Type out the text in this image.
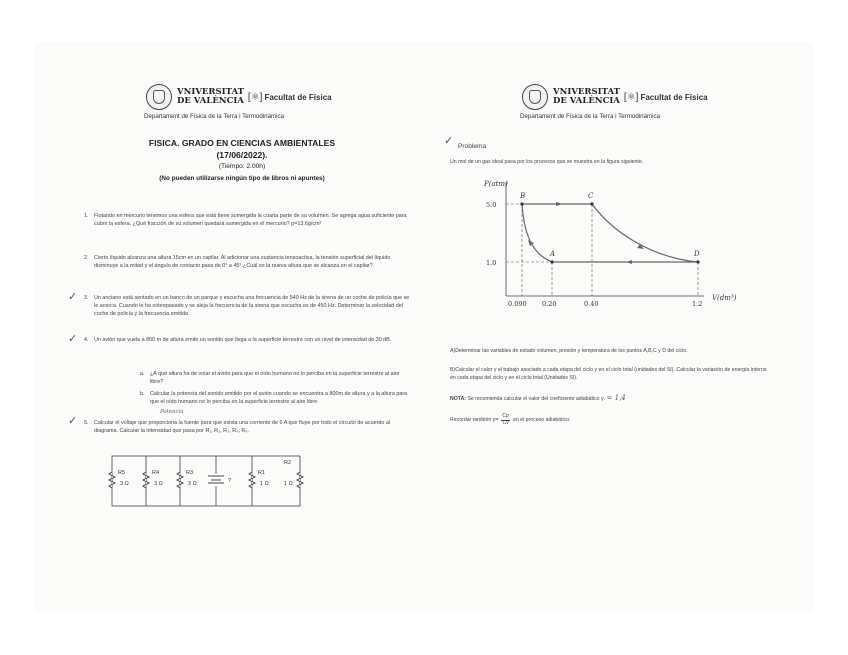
VNIVERSITAT
DE VALÈNCIA [⚛] Facultat de Física
Departament de Física de la Terra i Termodinàmica
FISICA. GRADO EN CIENCIAS AMBIENTALES
(17/06/2022).
(Tiempo: 2.00h)
(No pueden utilizarse ningún tipo de libros ni apuntes)
1. Flotando en mercurio tenemos una esfera que está tiene sumergida la cuarta parte de su volumen. Se agrega agua suficiente para cubrir la esfera. ¿Qué fracción de su volumen quedará sumergida en el mercurio? ρ=13.6g/cm³
2. Cierto líquido alcanza una altura 15cm en un capilar. Al adicionar una sustancia tensoactiva, la tensión superficial del líquido disminuye a la mitad y el ángulo de contacto pasa de 0° a 45°.¿Cuál es la nueva altura que se alcanza en el capilar?.
✓ 3. Un anciano está sentado en un banco de un parque y escucha una frecuencia de 540 Hz de la sirena de un coche de policía que se le acerca. Cuando le ha sobrepasado y se aleja la frecuencia de la sirena que escucha es de 450 Hz. Determinar la velocidad del coche de policía y la frecuencia emitida
✓ 4. Un avión que vuela a 800 m de altura emite un sonido que llega a la superficie terrestre con un nivel de intensidad de 30 dB.
a. ¿A qué altura ha de volar el avión para que el oído humano no lo perciba en la superficie terrestre al aire libre?
b. Calcular la potencia del sonido emitido por el avión cuando se encuentra a 800m de altura y a la altura para que el oído humano no lo perciba en la superficie terrestre al aire libre.
Potencia
✓ 5. Calcular el voltaje que proporciona la fuente para que exista una corriente de 6 A que fluye por todo el circuito de acuerdo al diagrama. Calcular la intensidad que pasa por R₁, R₂, R₃, R₄, R₅.
R5
3 Ω
R4
3 Ω
R3
3 Ω	?
R1
1 Ω
R2
1 Ω
VNIVERSITAT
DE VALÈNCIA [⚛] Facultat de Física
Departament de Física de la Terra i Termodinàmica
✓ Problema
Un mol de un gas ideal pasa por los procesos que se muestra en la figura siguiente.
P(atm)
V(dm³)
B	C
A	D
5.0
1.0
0.090 0.20	0.40	1.2
A)Determinar las variables de estado volumen, presión y temperatura de los puntos A,B,C y D del ciclo.
B)Calcular el calor y el trabajo asociado a cada etapa del ciclo y en el ciclo total (unidades del SI). Calcular la variación de energía interna en cada etapa del ciclo y en el ciclo total (Unidades SI).
NOTA: Se recomienda calcular el valor del coeficiente adiabático γ. = 1,4
Recordar también $\gamma= \frac{Cp}{Cv}$ en el proceso adiabático.
